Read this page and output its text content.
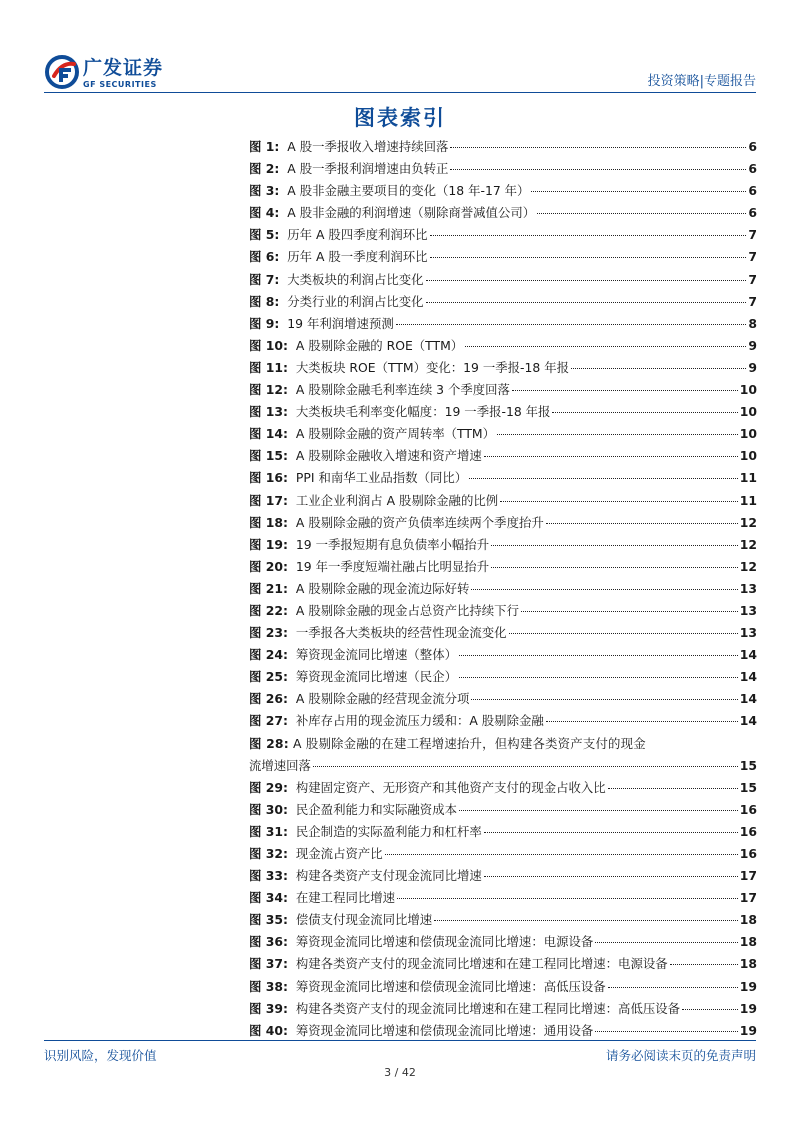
广发证券
GF SECURITIES	投资策略|专题报告
图表索引
图 1: A 股一季报收入增速持续回落	6
图 2: A 股一季报利润增速由负转正	6
图 3: A 股非金融主要项目的变化（18 年-17 年）	6
图 4: A 股非金融的利润增速（剔除商誉减值公司）	6
图 5: 历年 A 股四季度利润环比	7
图 6: 历年 A 股一季度利润环比	7
图 7: 大类板块的利润占比变化	7
图 8: 分类行业的利润占比变化	7
图 9: 19 年利润增速预测	8
图 10: A 股剔除金融的 ROE（TTM）	9
图 11: 大类板块 ROE（TTM）变化：19 一季报-18 年报	9
图 12: A 股剔除金融毛利率连续 3 个季度回落	10
图 13: 大类板块毛利率变化幅度：19 一季报-18 年报	10
图 14: A 股剔除金融的资产周转率（TTM）	10
图 15: A 股剔除金融收入增速和资产增速	10
图 16: PPI 和南华工业品指数（同比）	11
图 17: 工业企业利润占 A 股剔除金融的比例	11
图 18: A 股剔除金融的资产负债率连续两个季度抬升	12
图 19: 19 一季报短期有息负债率小幅抬升	12
图 20: 19 年一季度短端社融占比明显抬升	12
图 21: A 股剔除金融的现金流边际好转	13
图 22: A 股剔除金融的现金占总资产比持续下行	13
图 23: 一季报各大类板块的经营性现金流变化	13
图 24: 筹资现金流同比增速（整体）	14
图 25: 筹资现金流同比增速（民企）	14
图 26: A 股剔除金融的经营现金流分项	14
图 27: 补库存占用的现金流压力缓和：A 股剔除金融	14
图 28: A 股剔除金融的在建工程增速抬升，但构建各类资产支付的现金
流增速回落	15
图 29: 构建固定资产、无形资产和其他资产支付的现金占收入比	15
图 30: 民企盈利能力和实际融资成本	16
图 31: 民企制造的实际盈利能力和杠杆率	16
图 32: 现金流占资产比	16
图 33: 构建各类资产支付现金流同比增速	17
图 34: 在建工程同比增速	17
图 35: 偿债支付现金流同比增速	18
图 36: 筹资现金流同比增速和偿债现金流同比增速：电源设备	18
图 37: 构建各类资产支付的现金流同比增速和在建工程同比增速：电源设备	18
图 38: 筹资现金流同比增速和偿债现金流同比增速：高低压设备	19
图 39: 构建各类资产支付的现金流同比增速和在建工程同比增速：高低压设备	19
图 40: 筹资现金流同比增速和偿债现金流同比增速：通用设备	19
识别风险，发现价值	请务必阅读末页的免责声明
3 / 42
